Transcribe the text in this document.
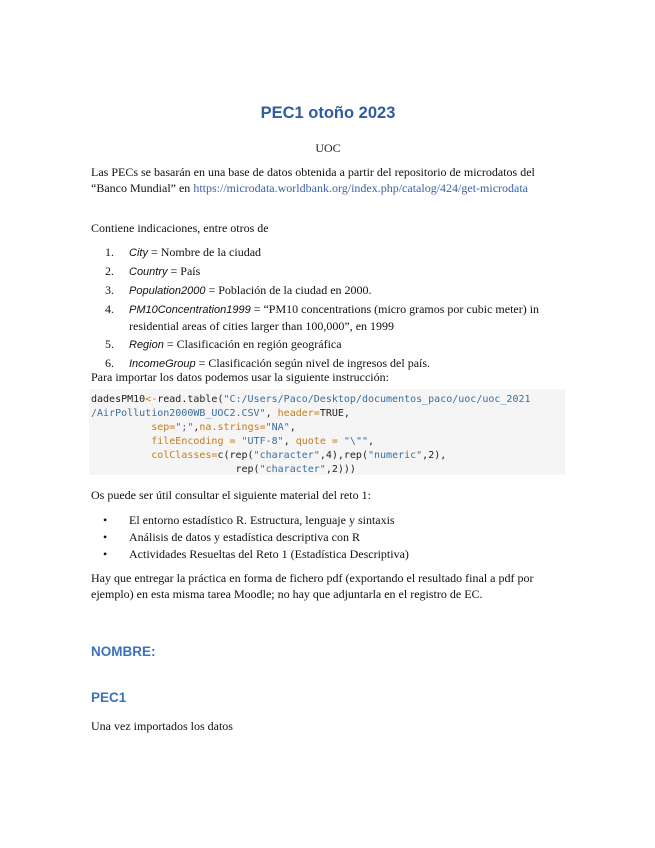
PEC1 otoño 2023

UOC

Las PECs se basarán en una base de datos obtenida a partir del repositorio de microdatos del “Banco Mundial” en https://microdata.worldbank.org/index.php/catalog/424/get-microdata

Contiene indicaciones, entre otros de

1. City = Nombre de la ciudad
2. Country = País
3. Population2000 = Población de la ciudad en 2000.
4. PM10Concentration1999 = “PM10 concentrations (micro gramos por cubic meter) in residential areas of cities larger than 100,000”, en 1999
5. Region = Clasificación en región geográfica
6. IncomeGroup = Clasificación según nivel de ingresos del país.

Para importar los datos podemos usar la siguiente instrucción:

dadesPM10<-read.table("C:/Users/Paco/Desktop/documentos_paco/uoc/uoc_2021
/AirPollution2000WB_UOC2.CSV", header=TRUE,
sep=";",na.strings="NA",
fileEncoding = "UTF-8", quote = "\"",
colClasses=c(rep("character",4),rep("numeric",2),
rep("character",2)))

Os puede ser útil consultar el siguiente material del reto 1:

• El entorno estadístico R. Estructura, lenguaje y sintaxis
• Análisis de datos y estadística descriptiva con R
• Actividades Resueltas del Reto 1 (Estadística Descriptiva)

Hay que entregar la práctica en forma de fichero pdf (exportando el resultado final a pdf por ejemplo) en esta misma tarea Moodle; no hay que adjuntarla en el registro de EC.

NOMBRE:
PEC1

Una vez importados los datos
